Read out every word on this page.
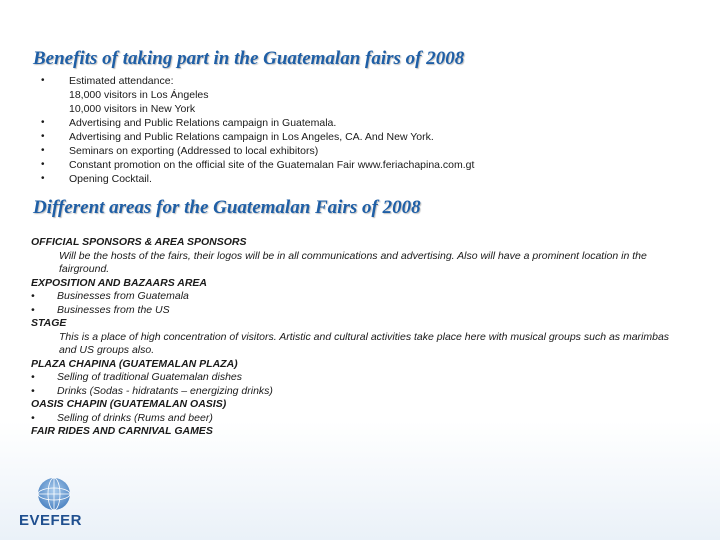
Benefits of taking part in the Guatemalan fairs of 2008
• Estimated attendance:
18,000 visitors in Los Ángeles
10,000 visitors in New York
• Advertising and Public Relations campaign in Guatemala.
• Advertising and Public Relations campaign in Los Angeles, CA. And New York.
• Seminars on exporting (Addressed to local exhibitors)
• Constant promotion on the official site of the Guatemalan Fair www.feriachapina.com.gt
• Opening Cocktail.
Different areas for the Guatemalan Fairs of 2008
OFFICIAL SPONSORS & AREA SPONSORS
Will be the hosts of the fairs, their logos will be in all communications and advertising. Also will have a prominent location in the fairground.
EXPOSITION AND BAZAARS AREA
• Businesses from Guatemala
• Businesses from the US
STAGE
This is a place of high concentration of visitors. Artistic and cultural activities take place here with musical groups such as marimbas and US groups also.
PLAZA CHAPINA (GUATEMALAN PLAZA)
• Selling of traditional Guatemalan dishes
• Drinks (Sodas - hidratants – energizing drinks)
OASIS CHAPIN (GUATEMALAN OASIS)
• Selling of drinks (Rums and beer)
FAIR RIDES AND CARNIVAL GAMES
EVEFER
